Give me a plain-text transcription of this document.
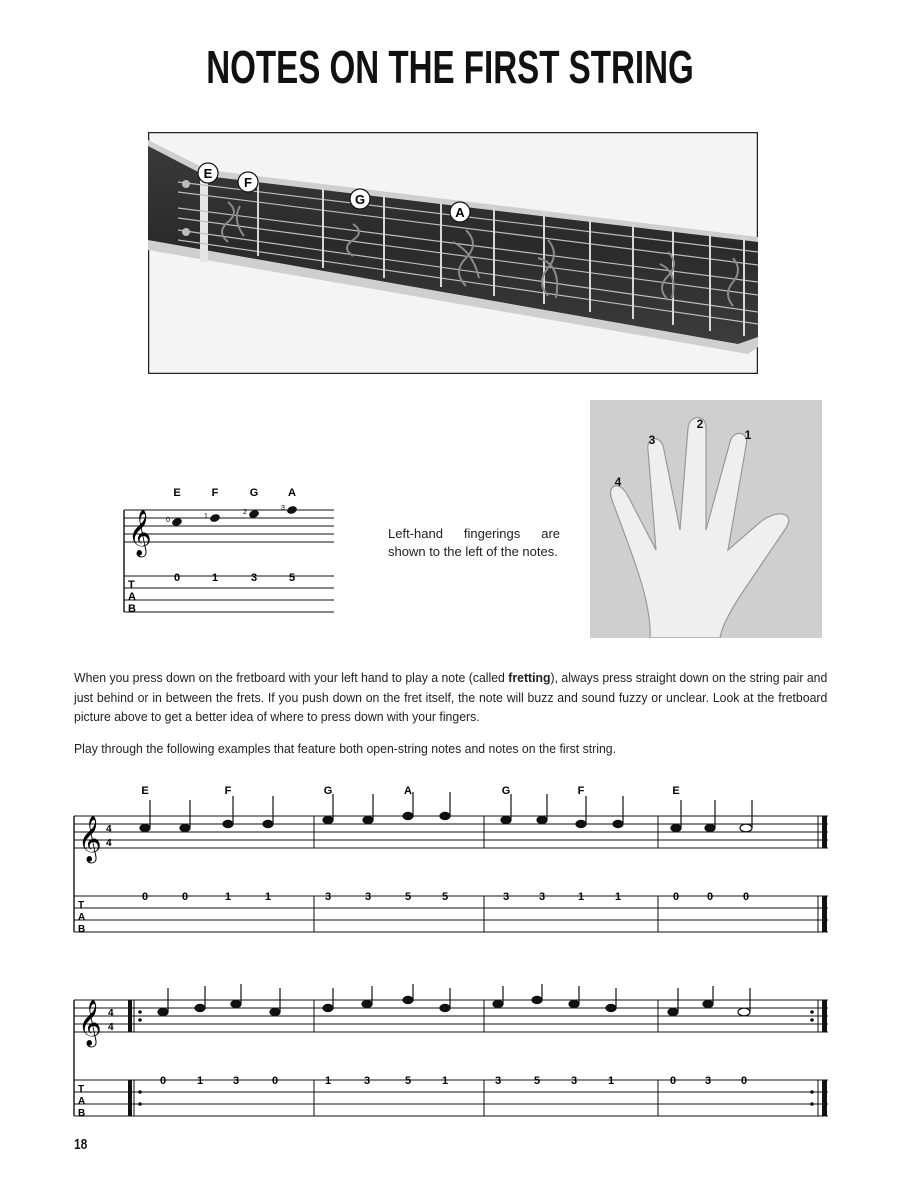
NOTES ON THE FIRST STRING
E
F
G
A
𝄞
T
A
B
E	F	G	A
0
1
2
3
0	1	3	5
Left-hand fingerings are shown to the left of the notes.
1
2
3
4
When you press down on the fretboard with your left hand to play a note (called fretting), always press straight down on the string pair and just behind or in between the frets. If you push down on the fret itself, the note will buzz and sound fuzzy or unclear. Look at the fretboard picture above to get a better idea of where to press down with your fingers.
Play through the following examples that feature both open-string notes and notes on the first string.
𝄞 4
4
T
A
B
E	F	G	A	G	F	E
0	0	1	1	3	3	5	5	3	3	1	1	0	0	0
𝄞 4
4
T
A
B
0	1	3	0	1	3	5	1	3	5	3	1	0	3	0
18
